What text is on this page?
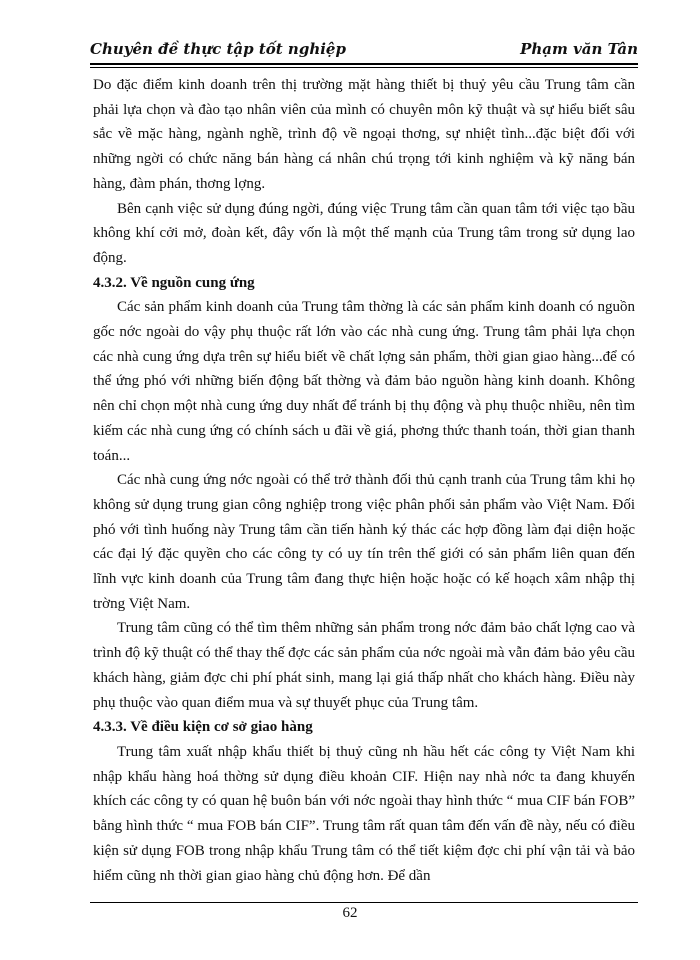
Chuyên đề thực tập tốt nghiệp	Phạm văn Tân

Do đặc điểm kinh doanh trên thị trường mặt hàng thiết bị thuỷ yêu cầu Trung tâm cần phải lựa chọn và đào tạo nhân viên của mình có chuyên môn kỹ thuật và sự hiểu biết sâu sắc về mặc hàng, ngành nghề, trình độ về ngoại thơng, sự nhiệt tình...đặc biệt đối với những ngời có chức năng bán hàng cá nhân chú trọng tới kinh nghiệm và kỹ năng bán hàng, đàm phán, thơng lợng.

Bên cạnh việc sử dụng đúng ngời, đúng việc Trung tâm cần quan tâm tới việc tạo bầu không khí cởi mở, đoàn kết, đây vốn là một thế mạnh của Trung tâm trong sử dụng lao động.

4.3.2. Về nguồn cung ứng

Các sản phẩm kinh doanh của Trung tâm thờng là các sản phẩm kinh doanh có nguồn gốc nớc ngoài do vậy phụ thuộc rất lớn vào các nhà cung ứng. Trung tâm phải lựa chọn các nhà cung ứng dựa trên sự hiểu biết về chất lợng sản phẩm, thời gian giao hàng...để có thể ứng phó với những biến động bất thờng và đảm bảo nguồn hàng kinh doanh. Không nên chỉ chọn một nhà cung ứng duy nhất để tránh bị thụ động và phụ thuộc nhiều, nên tìm kiếm các nhà cung ứng có chính sách u đãi về giá, phơng thức thanh toán, thời gian thanh toán...

Các nhà cung ứng nớc ngoài có thể trở thành đối thủ cạnh tranh của Trung tâm khi họ không sử dụng trung gian công nghiệp trong việc phân phối sản phẩm vào Việt Nam. Đối phó với tình huống này Trung tâm cần tiến hành ký thác các hợp đồng làm đại diện hoặc các đại lý đặc quyền cho các công ty có uy tín trên thế giới có sản phẩm liên quan đến lĩnh vực kinh doanh của Trung tâm đang thực hiện hoặc hoặc có kế hoạch xâm nhập thị trờng Việt Nam.

Trung tâm cũng có thể tìm thêm những sản phẩm trong nớc đảm bảo chất lợng cao và trình độ kỹ thuật có thể thay thế đợc các sản phẩm của nớc ngoài mà vẫn đảm bảo yêu cầu khách hàng, giảm đợc chi phí phát sinh, mang lại giá thấp nhất cho khách hàng. Điều này phụ thuộc vào quan điểm mua và sự thuyết phục của Trung tâm.

4.3.3. Về điều kiện cơ sở giao hàng

Trung tâm xuất nhập khẩu thiết bị thuỷ cũng nh hầu hết các công ty Việt Nam khi nhập khẩu hàng hoá thờng sử dụng điều khoản CIF. Hiện nay nhà nớc ta đang khuyến khích các công ty có quan hệ buôn bán với nớc ngoài thay hình thức “ mua CIF bán FOB” bằng hình thức “ mua FOB bán CIF”. Trung tâm rất quan tâm đến vấn đề này, nếu có điều kiện sử dụng FOB trong nhập khẩu Trung tâm có thể tiết kiệm đợc chi phí vận tải và bảo hiểm cũng nh thời gian giao hàng chủ động hơn. Để dần

62
